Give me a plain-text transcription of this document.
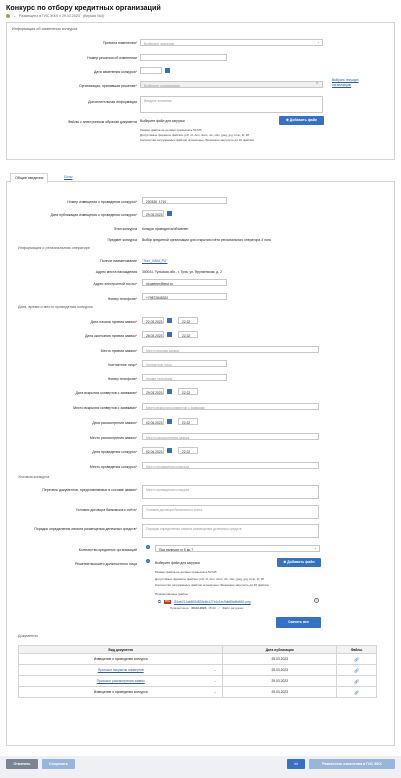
Конкурс по отбору кредитных организаций
⌄ Размещено в ГИС ЖКХ с 29.03.2023 (Версия №4)
Информация об изменении конкурса
Причина изменения*	Выберите значение	⌄
Номер решения об изменении
Дата изменения конкурса*
Организация, принявшая решение*	Выберите организацию
≡
Выбрать текущую организацию
Дополнительная информация	Введите значение
Файлы с электронным образом документа Выберите файл для загрузки
Размер файла не должен превышать 50 Мб
Допустимые форматы файлов: pdf, rtf, doc, docx, xls, xlsx, jpeg, jpg, bmp, tif, tiff
Количество загружаемых файлов ограничено. Возможно загрузить до 10 файлов
⊕ Добавить файл
Общие сведения	Лоты
Номер извещения о проведении конкурса*	200326_1710
Дата публикации извещения о проведении конкурса*	29.03.2023
Этап конкурса Конкурс проводится/объявлен
Предмет конкурса Выбор кредитной организации для открытия счёта регионального оператора 3 лота
Информация о региональном операторе
Полное наименование "Тест_ХЖМ_РО"
Адрес места нахождения 300041, Тульская обл., г. Тула, ул. Фрунзенская, д. 2
Адрес электронной почты*	ot.partner@test.ru
Номер телефона*	+79872848320
Дата, время и место проведения конкурса
Дата начала приема заявок*	22.03.2023	22:22
Дата окончания приема заявок*	28.03.2023	22:22
Место приема заявок*	Место приема заявок
Контактное лицо*	Контактное лицо
Номер телефона*	Номер телефона
Дата вскрытия конвертов с заявками*	29.03.2023	22:22
Место вскрытия конвертов с заявками*	Место вскрытия конвертов с заявками
Дата рассмотрения заявок*	02.04.2023	22:22
Место рассмотрения заявок*	Место рассмотрения заявок
Дата проведения конкурса*	02.04.2023	22:22
Место проведения конкурса*	Место проведения конкурса
Условия конкурса
Перечень документов, представляемых в составе заявки*	Место проведения конкурса
Условия договора банковского счёта*	Условия договора банковского счёта
Порядок определения лимита размещения денежных средств*	Порядок определения лимита размещения денежных средств
Количество кредитных организаций
i
При наличии от 5 до 7	⌄
Решение высшего должностного лица
i	Выберите файл для загрузки	⊕ Добавить файл
Размер файла не должен превышать 50 Мб
Допустимые форматы файлов: pdf, rtf, doc, docx, xls, xlsx, jpeg, jpg, bmp, tif, tiff
Количество загружаемых файлов ограничено. Возможно загрузить до 10 файлов
Прикреплённые файлы
⧉	PNG	f51eb211ab6084829e6b127e1c1ec9de88a5fd851.png	×
Прикреплено: 29.03.2023 15:00 ✓ Файл загружен
Скачать все
Документы
Вид документа	Дата публикации	Файлы
Извещение о проведении конкурса	29.03.2023	🔗︎
Протокол вскрытия конвертов ⌄	29.03.2023	🔗︎
Протокол рассмотрения заявок ⌄	29.03.2023	🔗︎
Извещение о проведении конкурса ⌄	29.03.2023	🔗︎
Отменить	Сохранить	>>	Разместить изменения в ГИС ЖКХ
